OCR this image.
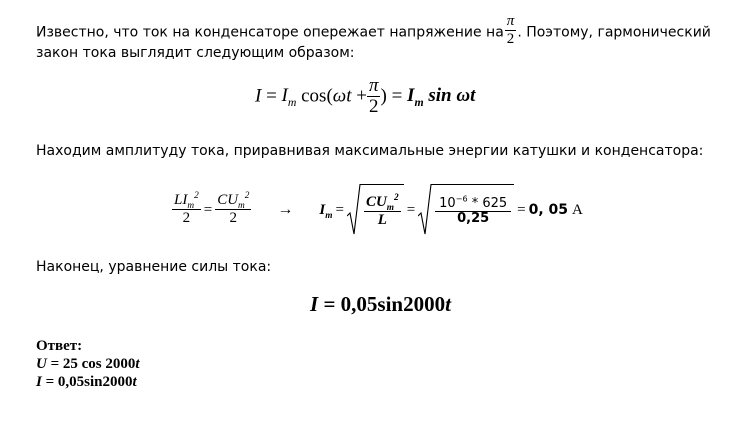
Известно, что ток на конденсаторе опережает напряжение на $\frac{\pi}{2}$ . Поэтому, гармонический
закон тока выглядит следующим образом:
$I = I_m$ $\cos(\omega t + \frac{\pi}{2}$ ) = $I_m$ sin ωt
Находим амплитуду тока, приравнивая максимальные энергии катушки и конденсатора:
$\frac{LI_m^2}{2} = \frac{CU_m^2}{2} \to I_m = \frac{CU_m^2}{L} = \frac{10^{-6} * 625}{0,25} = 0$, 05 А
Наконец, уравнение силы тока:
I = 0,05sin2000t
Ответ:
U = 25 cos 2000t
I = 0,05sin2000t
